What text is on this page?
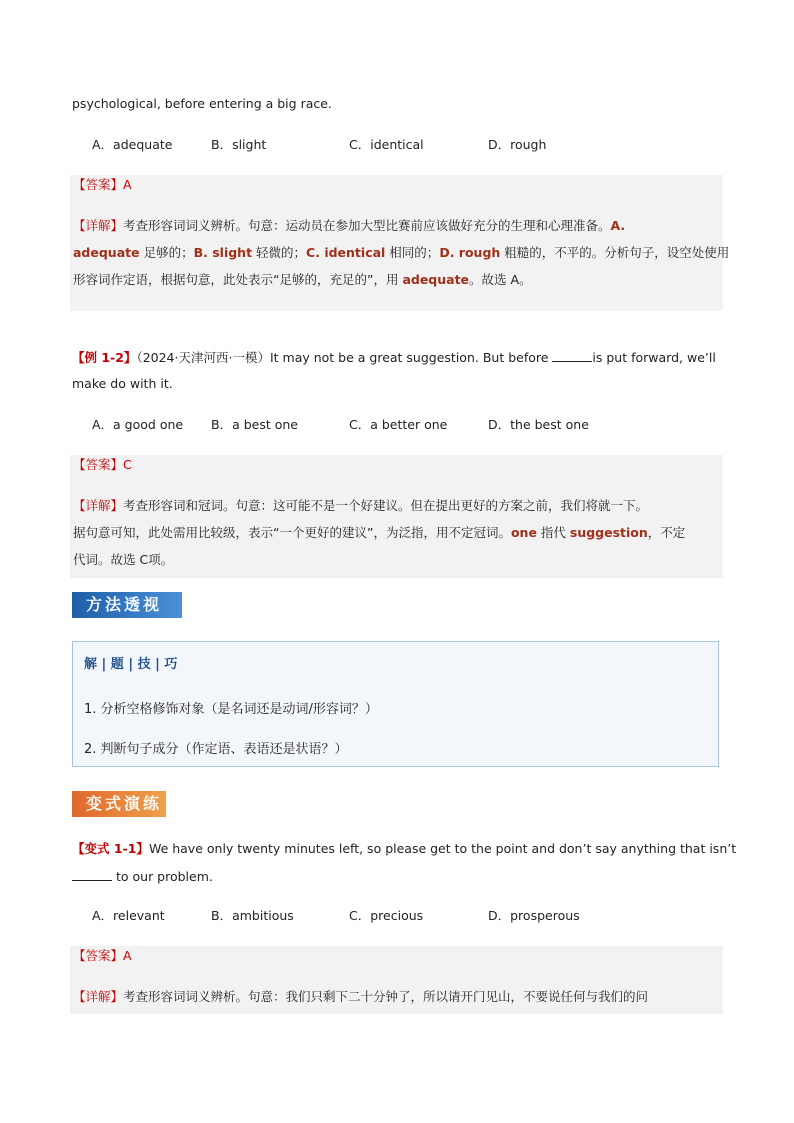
psychological, before entering a big race.
A．adequate	B．slight	C．identical	D．rough
【答案】A
【详解】考查形容词词义辨析。句意：运动员在参加大型比赛前应该做好充分的生理和心理准备。A.
adequate 足够的；B. slight 轻微的；C. identical 相同的；D. rough 粗糙的，不平的。分析句子，设空处使用
形容词作定语，根据句意，此处表示“足够的，充足的”，用 adequate。故选 A。
【例 1-2】（2024·天津河西·一模）It may not be a great suggestion. But before	is put forward, we’ll
make do with it.
A．a good one B．a best one	C．a better one	D．the best one
【答案】C
【详解】考查形容词和冠词。句意：这可能不是一个好建议。但在提出更好的方案之前，我们将就一下。
据句意可知，此处需用比较级，表示“一个更好的建议”，为泛指，用不定冠词。one 指代 suggestion，不定
代词。故选 C项。
方法透视
解 | 题 | 技 | 巧
1. 分析空格修饰对象（是名词还是动词/形容词？）
2. 判断句子成分（作定语、表语还是状语？）
变式演练
【变式 1-1】We have only twenty minutes left, so please get to the point and don’t say anything that isn’t
to our problem.
A．relevant	B．ambitious	C．precious	D．prosperous
【答案】A
【详解】考查形容词词义辨析。句意：我们只剩下二十分钟了，所以请开门见山，不要说任何与我们的问
